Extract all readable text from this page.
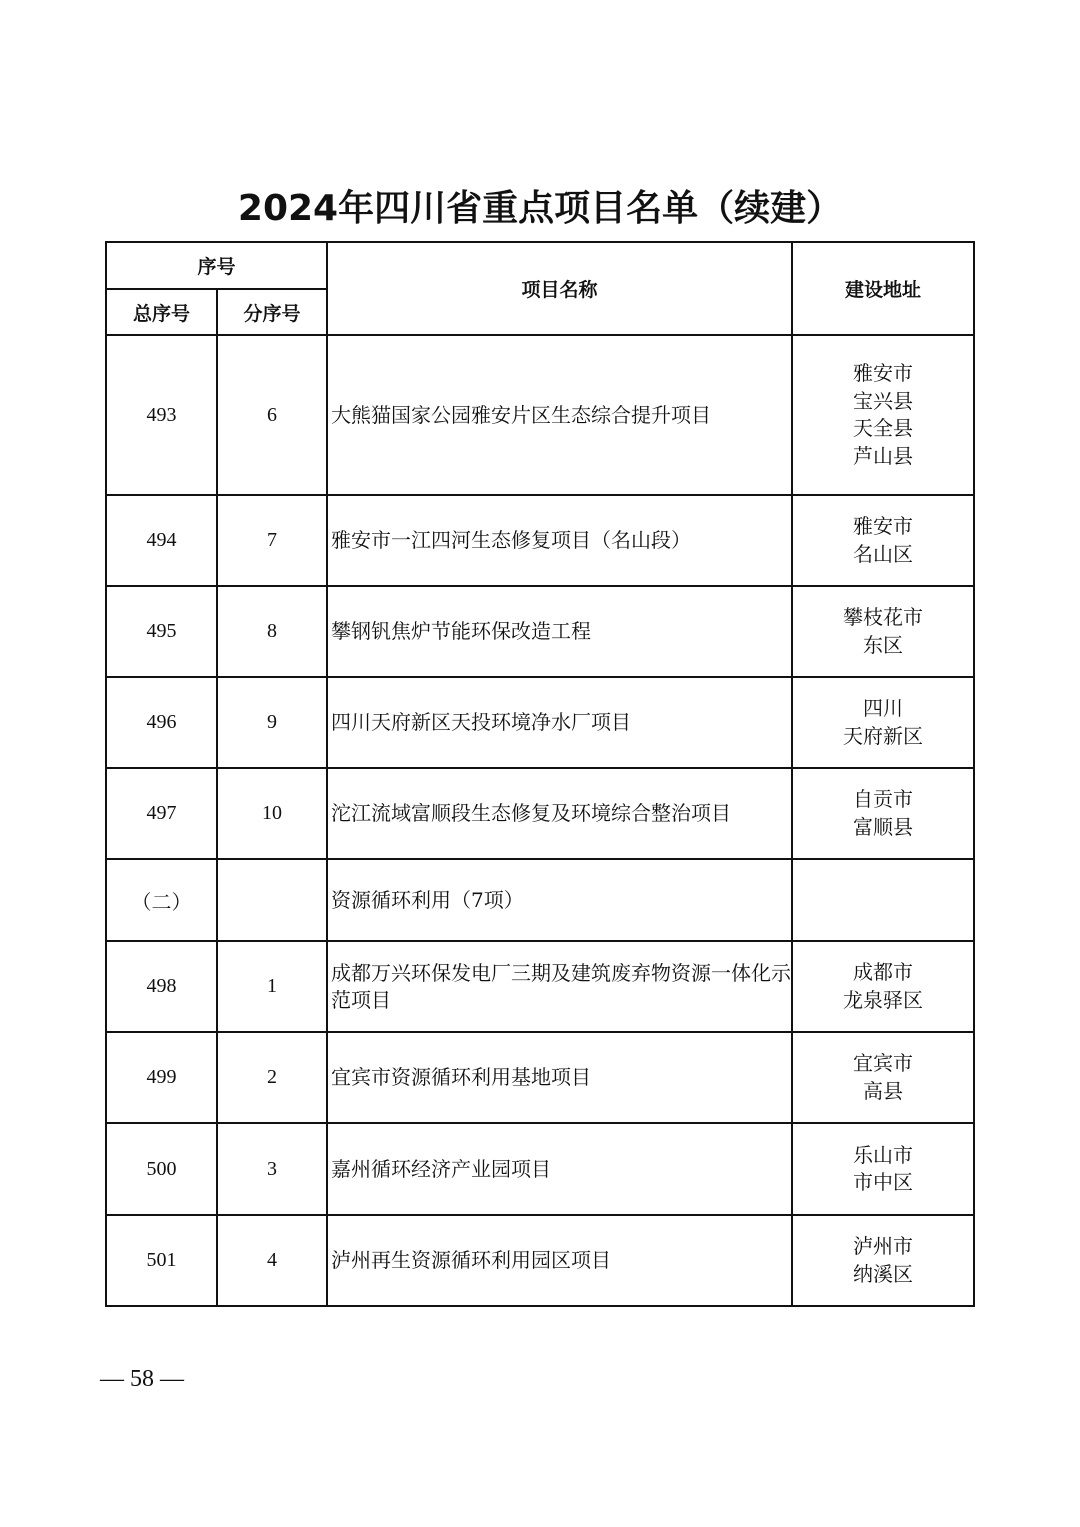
2024年四川省重点项目名单（续建）
序号		项目名称	建设地址
总序号	分序号		
493	6	大熊猫国家公园雅安片区生态综合提升项目	雅安市
宝兴县
天全县
芦山县

494	7	雅安市一江四河生态修复项目（名山段）	雅安市
名山区

495	8	攀钢钒焦炉节能环保改造工程	攀枝花市
东区

496	9	四川天府新区天投环境净水厂项目	四川
天府新区

497	10	沱江流域富顺段生态修复及环境综合整治项目	自贡市
富顺县

（二）		资源循环利用（7项）	
498	1	成都万兴环保发电厂三期及建筑废弃物资源一体化示范项目	成都市
龙泉驿区

499	2	宜宾市资源循环利用基地项目	宜宾市
高县

500	3	嘉州循环经济产业园项目	乐山市
市中区

501	4	泸州再生资源循环利用园区项目	泸州市
纳溪区
— 58 —
